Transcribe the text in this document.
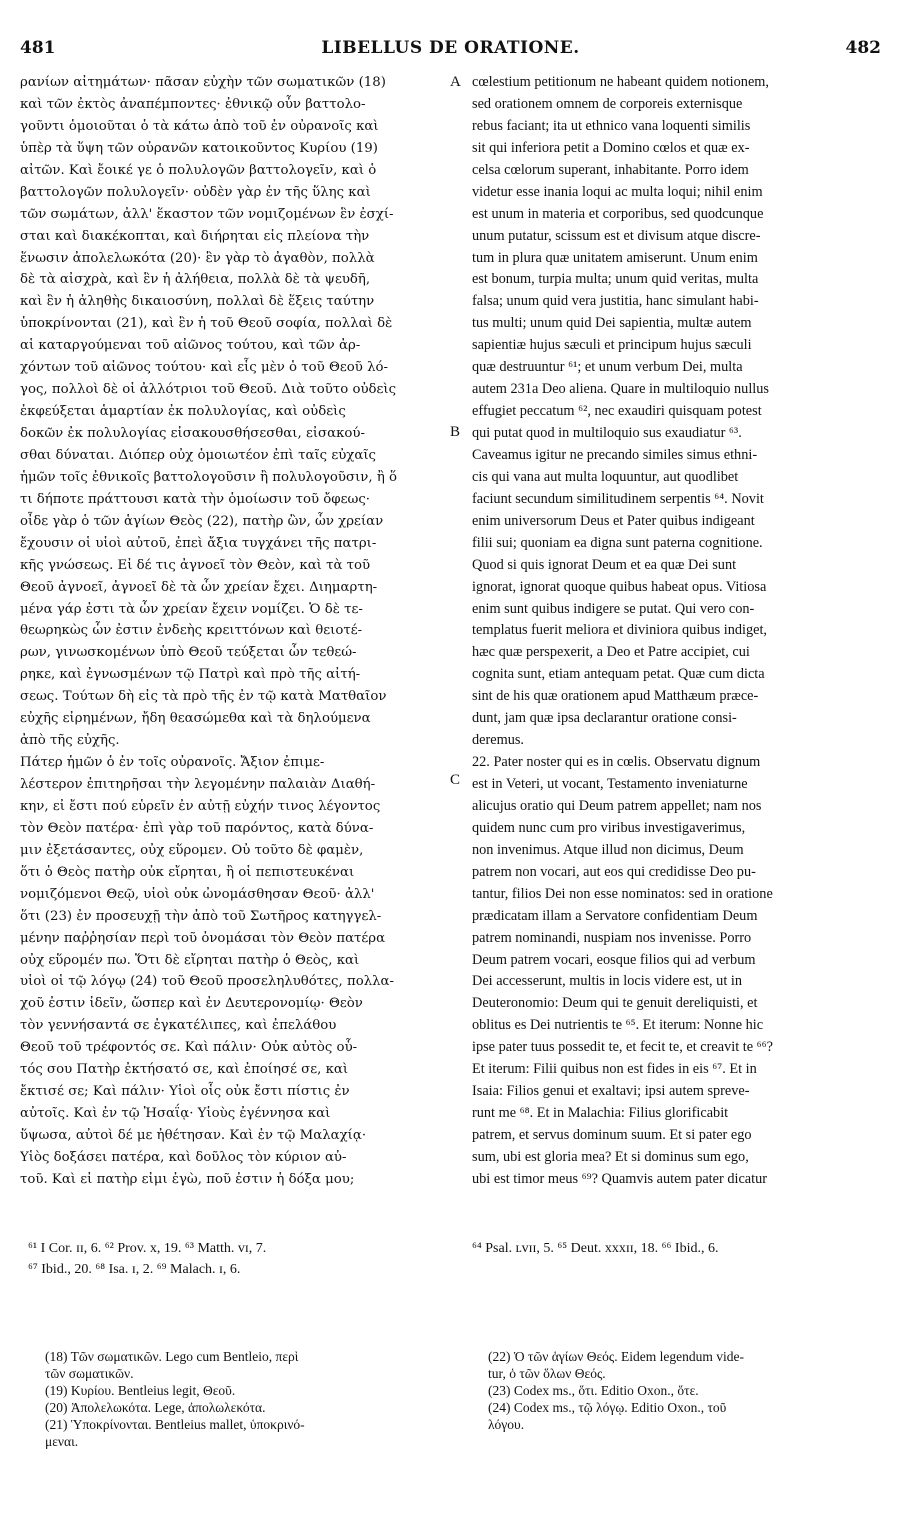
481	LIBELLUS DE ORATIONE.	482
ρανίων αἰτημάτων· πᾶσαν εὐχὴν τῶν σωματικῶν (18)
καὶ τῶν ἐκτὸς ἀναπέμποντες· ἐθνικῷ οὖν βαττολο-
γοῦντι ὁμοιοῦται ὁ τὰ κάτω ἀπὸ τοῦ ἐν οὐρανοῖς καὶ
ὑπὲρ τὰ ὕψη τῶν οὐρανῶν κατοικοῦντος Κυρίου (19)
αἰτῶν. Καὶ ἔοικέ γε ὁ πολυλογῶν βαττολογεῖν, καὶ ὁ
βαττολογῶν πολυλογεῖν· οὐδὲν γὰρ ἐν τῆς ὕλης καὶ
τῶν σωμάτων, ἀλλ' ἕκαστον τῶν νομιζομένων ἓν ἐσχί-
σται καὶ διακέκοπται, καὶ διήρηται εἰς πλείονα τὴν
ἕνωσιν ἀπολελωκότα (20)· ἓν γὰρ τὸ ἀγαθὸν, πολλὰ
δὲ τὰ αἰσχρὰ, καὶ ἓν ἡ ἀλήθεια, πολλὰ δὲ τὰ ψευδῆ,
καὶ ἓν ἡ ἀληθὴς δικαιοσύνη, πολλαὶ δὲ ἕξεις ταύτην
ὑποκρίνονται (21), καὶ ἓν ἡ τοῦ Θεοῦ σοφία, πολλαὶ δὲ
αἱ καταργούμεναι τοῦ αἰῶνος τούτου, καὶ τῶν ἀρ-
χόντων τοῦ αἰῶνος τούτου· καὶ εἷς μὲν ὁ τοῦ Θεοῦ λό-
γος, πολλοὶ δὲ οἱ ἀλλότριοι τοῦ Θεοῦ. Διὰ τοῦτο οὐδεὶς
ἐκφεύξεται ἁμαρτίαν ἐκ πολυλογίας, καὶ οὐδεὶς
δοκῶν ἐκ πολυλογίας εἰσακουσθήσεσθαι, εἰσακού-
σθαι δύναται. Διόπερ οὐχ ὁμοιωτέον ἐπὶ ταῖς εὐχαῖς
ἡμῶν τοῖς ἐθνικοῖς βαττολογοῦσιν ἢ πολυλογοῦσιν, ἢ ὅ
τι δήποτε πράττουσι κατὰ τὴν ὁμοίωσιν τοῦ ὄφεως·
οἶδε γὰρ ὁ τῶν ἁγίων Θεὸς (22), πατὴρ ὢν, ὧν χρείαν
ἔχουσιν οἱ υἱοὶ αὐτοῦ, ἐπεὶ ἄξια τυγχάνει τῆς πατρι-
κῆς γνώσεως. Εἰ δέ τις ἀγνοεῖ τὸν Θεὸν, καὶ τὰ τοῦ
Θεοῦ ἀγνοεῖ, ἀγνοεῖ δὲ τὰ ὧν χρείαν ἔχει. Διημαρτη-
μένα γάρ ἐστι τὰ ὧν χρείαν ἔχειν νομίζει. Ὁ δὲ τε-
θεωρηκὼς ὧν ἐστιν ἐνδεὴς κρειττόνων καὶ θειοτέ-
ρων, γινωσκομένων ὑπὸ Θεοῦ τεύξεται ὧν τεθεώ-
ρηκε, καὶ ἐγνωσμένων τῷ Πατρὶ καὶ πρὸ τῆς αἰτή-
σεως. Τούτων δὴ εἰς τὰ πρὸ τῆς ἐν τῷ κατὰ Ματθαῖον
εὐχῆς εἰρημένων, ἤδη θεασώμεθα καὶ τὰ δηλούμενα
ἀπὸ τῆς εὐχῆς.
Πάτερ ἡμῶν ὁ ἐν τοῖς οὐρανοῖς. Ἄξιον ἐπιμε-
λέστερον ἐπιτηρῆσαι τὴν λεγομένην παλαιὰν Διαθή-
κην, εἰ ἔστι πού εὑρεῖν ἐν αὐτῇ εὐχήν τινος λέγοντος
τὸν Θεὸν πατέρα· ἐπὶ γὰρ τοῦ παρόντος, κατὰ δύνα-
μιν ἐξετάσαντες, οὐχ εὕρομεν. Οὐ τοῦτο δὲ φαμὲν,
ὅτι ὁ Θεὸς πατὴρ οὐκ εἴρηται, ἢ οἱ πεπιστευκέναι
νομιζόμενοι Θεῷ, υἱοὶ οὐκ ὠνομάσθησαν Θεοῦ· ἀλλ'
ὅτι (23) ἐν προσευχῇ τὴν ἀπὸ τοῦ Σωτῆρος κατηγγελ-
μένην παῤῥησίαν περὶ τοῦ ὀνομάσαι τὸν Θεὸν πατέρα
οὐχ εὕρομέν πω. Ὅτι δὲ εἴρηται πατὴρ ὁ Θεὸς, καὶ
υἱοὶ οἱ τῷ λόγῳ (24) τοῦ Θεοῦ προσεληλυθότες, πολλα-
χοῦ ἐστιν ἰδεῖν, ὥσπερ καὶ ἐν Δευτερονομίῳ· Θεὸν
τὸν γεννήσαντά σε ἐγκατέλιπες, καὶ ἐπελάθου
Θεοῦ τοῦ τρέφοντός σε. Καὶ πάλιν· Οὐκ αὐτὸς οὗ-
τός σου Πατὴρ ἐκτήσατό σε, καὶ ἐποίησέ σε, καὶ
ἔκτισέ σε; Καὶ πάλιν· Υἱοὶ οἷς οὐκ ἔστι πίστις ἐν
αὐτοῖς. Καὶ ἐν τῷ Ἡσαΐᾳ· Υἱοὺς ἐγέννησα καὶ
ὕψωσα, αὐτοὶ δέ με ἠθέτησαν. Καὶ ἐν τῷ Μαλαχίᾳ·
Υἱὸς δοξάσει πατέρα, καὶ δοῦλος τὸν κύριον αὐ-
τοῦ. Καὶ εἰ πατὴρ εἰμι ἐγὼ, ποῦ ἐστιν ἡ δόξα μου;
cœlestium petitionum ne habeant quidem notionem,
sed orationem omnem de corporeis externisque
rebus faciant; ita ut ethnico vana loquenti similis
sit qui inferiora petit a Domino cœlos et quæ ex-
celsa cœlorum superant, inhabitante. Porro idem
videtur esse inania loqui ac multa loqui; nihil enim
est unum in materia et corporibus, sed quodcunque
unum putatur, scissum est et divisum atque discre-
tum in plura quæ unitatem amiserunt. Unum enim
est bonum, turpia multa; unum quid veritas, multa
falsa; unum quid vera justitia, hanc simulant habi-
tus multi; unum quid Dei sapientia, multæ autem
sapientiæ hujus sæculi et principum hujus sæculi
quæ destruuntur ⁶¹; et unum verbum Dei, multa
autem 231a Deo aliena. Quare in multiloquio nullus
effugiet peccatum ⁶², nec exaudiri quisquam potest
qui putat quod in multiloquio sus exaudiatur ⁶³.
Caveamus igitur ne precando similes simus ethni-
cis qui vana aut multa loquuntur, aut quodlibet
faciunt secundum similitudinem serpentis ⁶⁴. Novit
enim universorum Deus et Pater quibus indigeant
filii sui; quoniam ea digna sunt paterna cognitione.
Quod si quis ignorat Deum et ea quæ Dei sunt
ignorat, ignorat quoque quibus habeat opus. Vitiosa
enim sunt quibus indigere se putat. Qui vero con-
templatus fuerit meliora et diviniora quibus indiget,
hæc quæ perspexerit, a Deo et Patre accipiet, cui
cognita sunt, etiam antequam petat. Quæ cum dicta
sint de his quæ orationem apud Matthæum præce-
dunt, jam quæ ipsa declarantur oratione consi-
deremus.
22. Pater noster qui es in cœlis. Observatu dignum
est in Veteri, ut vocant, Testamento inveniaturne
alicujus oratio qui Deum patrem appellet; nam nos
quidem nunc cum pro viribus investigaverimus,
non invenimus. Atque illud non dicimus, Deum
patrem non vocari, aut eos qui credidisse Deo pu-
tantur, filios Dei non esse nominatos: sed in oratione
prædicatam illam a Servatore confidentiam Deum
patrem nominandi, nuspiam nos invenisse. Porro
Deum patrem vocari, eosque filios qui ad verbum
Dei accesserunt, multis in locis videre est, ut in
Deuteronomio: Deum qui te genuit dereliquisti, et
oblitus es Dei nutrientis te ⁶⁵. Et iterum: Nonne hic
ipse pater tuus possedit te, et fecit te, et creavit te ⁶⁶?
Et iterum: Filii quibus non est fides in eis ⁶⁷. Et in
Isaia: Filios genui et exaltavi; ipsi autem spreve-
runt me ⁶⁸. Et in Malachia: Filius glorificabit
patrem, et servus dominum suum. Et si pater ego
sum, ubi est gloria mea? Et si dominus sum ego,
ubi est timor meus ⁶⁹? Quamvis autem pater dicatur
A
B
C
⁶¹ I Cor. ɪɪ, 6. ⁶² Prov. x, 19. ⁶³ Matth. vɪ, 7.
⁶⁷ Ibid., 20. ⁶⁸ Isa. ɪ, 2. ⁶⁹ Malach. ɪ, 6.
⁶⁴ Psal. ʟvɪɪ, 5. ⁶⁵ Deut. xxxɪɪ, 18. ⁶⁶ Ibid., 6.
(18) Τῶν σωματικῶν. Lego cum Bentleio, περὶ
τῶν σωματικῶν.
(19) Κυρίου. Bentleius legit, Θεοῦ.
(20) Ἀπολελωκότα. Lege, ἀπολωλεκότα.
(21) Ὑποκρίνονται. Bentleius mallet, ὑποκρινό-
μεναι.
(22) Ὁ τῶν ἁγίων Θεός. Eidem legendum vide-
tur, ὁ τῶν ὅλων Θεός.
(23) Codex ms., ὅτι. Editio Oxon., ὅτε.
(24) Codex ms., τῷ λόγῳ. Editio Oxon., τοῦ
λόγου.
